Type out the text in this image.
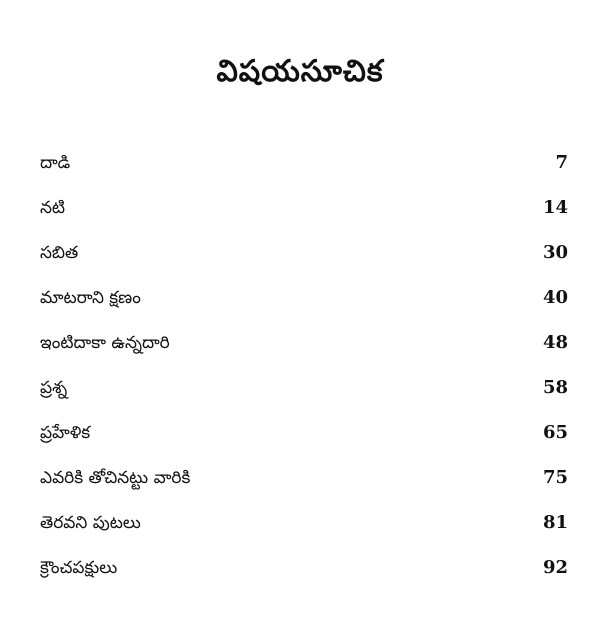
విషయసూచిక
దాడి	7
నటి	14
సబిత	30
మాటరాని క్షణం	40
ఇంటిదాకా ఉన్నదారి	48
ప్రశ్న	58
ప్రహేళిక	65
ఎవరికి తోచినట్టు వారికి	75
తెరవని పుటలు	81
క్రౌంచపక్షులు	92
